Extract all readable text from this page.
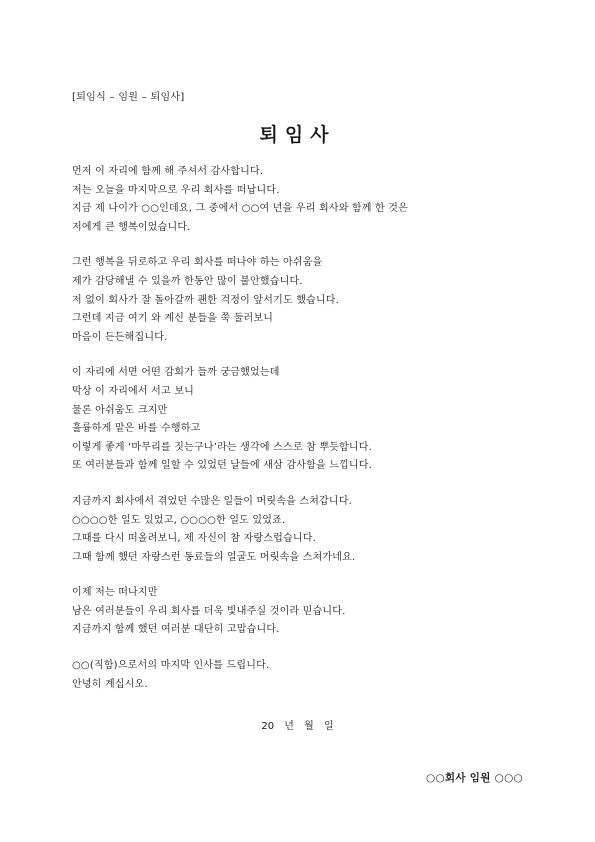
[퇴임식 – 임원 – 퇴임사]
퇴임사
먼저 이 자리에 함께 해 주셔서 감사합니다.
저는 오늘을 마지막으로 우리 회사를 떠납니다.
지금 제 나이가 ○○인데요, 그 중에서 ○○여 년을 우리 회사와 함께 한 것은
저에게 큰 행복이었습니다.
그런 행복을 뒤로하고 우리 회사를 떠나야 하는 아쉬움을
제가 감당해낼 수 있을까 한동안 많이 불안했습니다.
저 없이 회사가 잘 돌아갈까 괜한 걱정이 앞서기도 했습니다.
그런데 지금 여기 와 계신 분들을 쭉 둘러보니
마음이 든든해집니다.
이 자리에 서면 어떤 감회가 들까 궁금했었는데
막상 이 자리에서 서고 보니
물론 아쉬움도 크지만
훌륭하게 맡은 바를 수행하고
이렇게 좋게 ‘마무리를 짓는구나’라는 생각에 스스로 참 뿌듯합니다.
또 여러분들과 함께 일할 수 있었던 날들에 새삼 감사함을 느낍니다.
지금까지 회사에서 겪었던 수많은 일들이 머릿속을 스쳐갑니다.
○○○○한 일도 있었고, ○○○○한 일도 있었죠.
그때를 다시 떠올려보니, 제 자신이 참 자랑스럽습니다.
그때 함께 했던 자랑스런 동료들의 얼굴도 머릿속을 스쳐가네요.
이제 저는 떠나지만
남은 여러분들이 우리 회사를 더욱 빛내주실 것이라 믿습니다.
지금까지 함께 했던 여러분 대단히 고맙습니다.
○○(직함)으로서의 마지막 인사를 드립니다.
안녕히 계십시오.
20 년 월 일
○○회사 임원 ○○○
